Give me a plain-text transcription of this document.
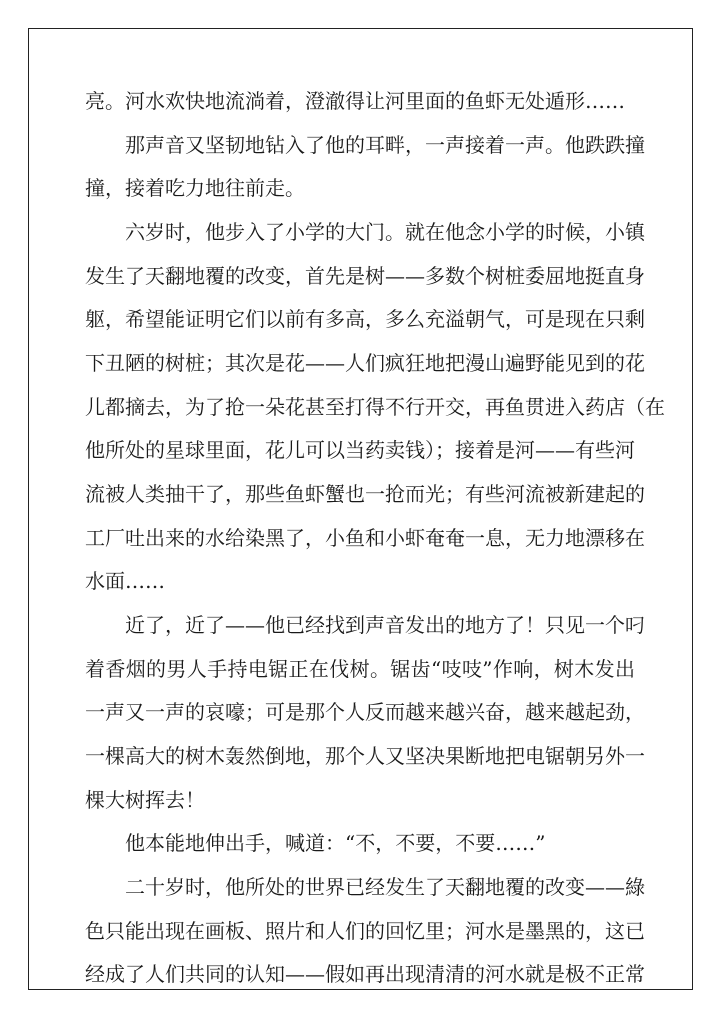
亮。河水欢快地流淌着，澄澈得让河里面的鱼虾无处遁形……
那声音又坚韧地钻入了他的耳畔，一声接着一声。他跌跌撞
撞，接着吃力地往前走。
六岁时，他步入了小学的大门。就在他念小学的时候，小镇
发生了天翻地覆的改变，首先是树——多数个树桩委屈地挺直身
躯，希望能证明它们以前有多高，多么充溢朝气，可是现在只剩
下丑陋的树桩；其次是花——人们疯狂地把漫山遍野能见到的花
儿都摘去，为了抢一朵花甚至打得不行开交，再鱼贯进入药店（在
他所处的星球里面，花儿可以当药卖钱）；接着是河——有些河
流被人类抽干了，那些鱼虾蟹也一抢而光；有些河流被新建起的
工厂吐出来的水给染黑了，小鱼和小虾奄奄一息，无力地漂移在
水面……
近了，近了——他已经找到声音发出的地方了！只见一个叼
着香烟的男人手持电锯正在伐树。锯齿“吱吱”作响，树木发出
一声又一声的哀嚎；可是那个人反而越来越兴奋，越来越起劲，
一棵高大的树木轰然倒地，那个人又坚决果断地把电锯朝另外一
棵大树挥去！
他本能地伸出手，喊道：“不，不要，不要……”
二十岁时，他所处的世界已经发生了天翻地覆的改变——綠
色只能出现在画板、照片和人们的回忆里；河水是墨黑的，这已
经成了人们共同的认知——假如再出现清清的河水就是极不正常
